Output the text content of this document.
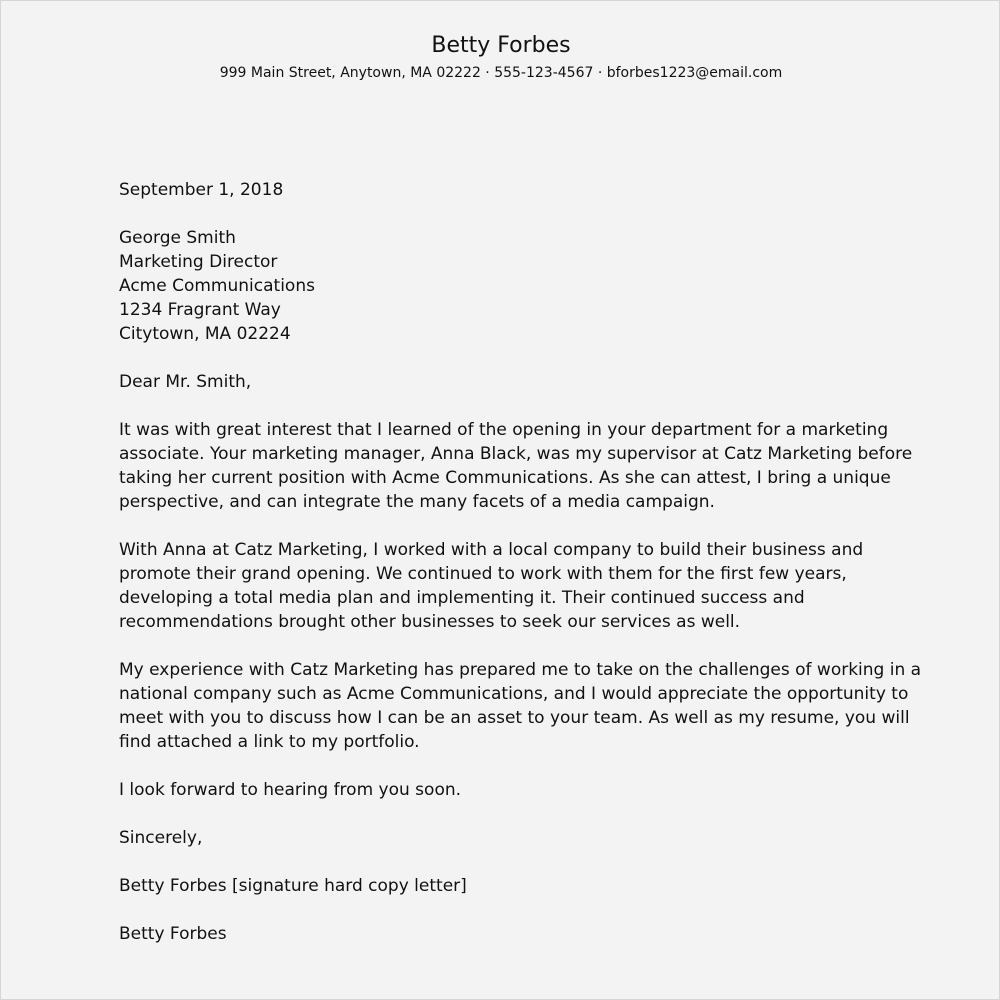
Betty Forbes

999 Main Street, Anytown, MA 02222 · 555-123-4567 · bforbes1223@email.com

September 1, 2018

George Smith

Marketing Director

Acme Communications

1234 Fragrant Way

Citytown, MA 02224

Dear Mr. Smith,

It was with great interest that I learned of the opening in your department for a marketing

associate. Your marketing manager, Anna Black, was my supervisor at Catz Marketing before

taking her current position with Acme Communications. As she can attest, I bring a unique

perspective, and can integrate the many facets of a media campaign.

With Anna at Catz Marketing, I worked with a local company to build their business and

promote their grand opening. We continued to work with them for the first few years,

developing a total media plan and implementing it. Their continued success and

recommendations brought other businesses to seek our services as well.

My experience with Catz Marketing has prepared me to take on the challenges of working in a

national company such as Acme Communications, and I would appreciate the opportunity to

meet with you to discuss how I can be an asset to your team. As well as my resume, you will

find attached a link to my portfolio.

I look forward to hearing from you soon.

Sincerely,

Betty Forbes [signature hard copy letter]

Betty Forbes
